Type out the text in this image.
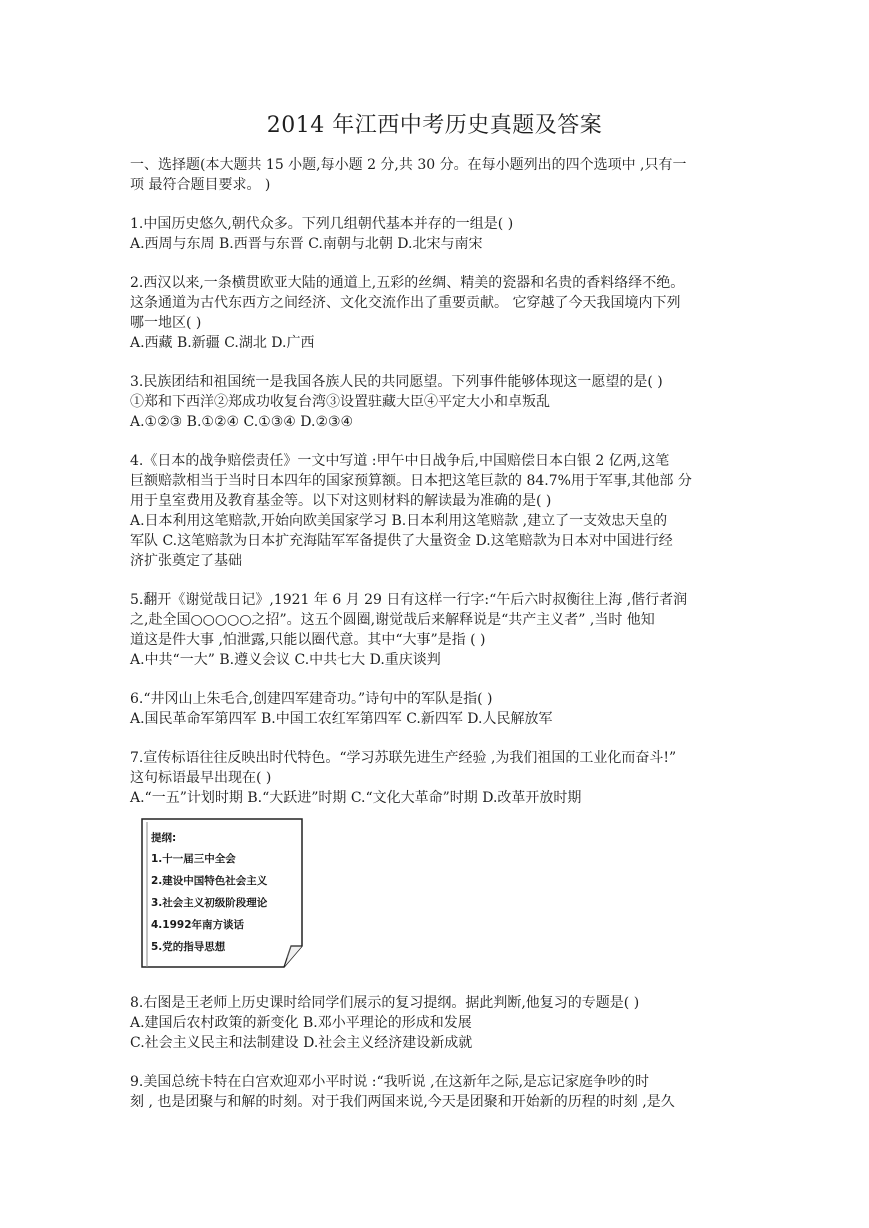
2014 年江西中考历史真题及答案
一、选择题(本大题共 15 小题,每小题 2 分,共 30 分。在每小题列出的四个选项中 ,只有一
项 最符合题目要求。 )
1.中国历史悠久,朝代众多。下列几组朝代基本并存的一组是( )
A.西周与东周 B.西晋与东晋 C.南朝与北朝 D.北宋与南宋
2.西汉以来,一条横贯欧亚大陆的通道上,五彩的丝绸、精美的瓷器和名贵的香料络绎不绝。
这条通道为古代东西方之间经济、文化交流作出了重要贡献。 它穿越了今天我国境内下列
哪一地区( )
A.西藏 B.新疆 C.湖北 D.广西
3.民族团结和祖国统一是我国各族人民的共同愿望。下列事件能够体现这一愿望的是( )
①郑和下西洋②郑成功收复台湾③设置驻藏大臣④平定大小和卓叛乱
A.①②③ B.①②④ C.①③④ D.②③④
4.《日本的战争赔偿责任》一文中写道 :甲午中日战争后,中国赔偿日本白银 2 亿两,这笔
巨额赔款相当于当时日本四年的国家预算额。日本把这笔巨款的 84.7%用于军事,其他部 分
用于皇室费用及教育基金等。以下对这则材料的解读最为准确的是( )
A.日本利用这笔赔款,开始向欧美国家学习 B.日本利用这笔赔款 ,建立了一支效忠天皇的
军队 C.这笔赔款为日本扩充海陆军军备提供了大量资金 D.这笔赔款为日本对中国进行经
济扩张奠定了基础
5.翻开《谢觉哉日记》,1921 年 6 月 29 日有这样一行字:“午后六时叔衡往上海 ,偕行者润
之,赴全国○○○○○之招”。这五个圆圈,谢觉哉后来解释说是“共产主义者” ,当时 他知
道这是件大事 ,怕泄露,只能以圈代意。其中“大事”是指 ( )
A.中共“一大” B.遵义会议 C.中共七大 D.重庆谈判
6.“井冈山上朱毛合,创建四军建奇功。”诗句中的军队是指( )
A.国民革命军第四军 B.中国工农红军第四军 C.新四军 D.人民解放军
7.宣传标语往往反映出时代特色。“学习苏联先进生产经验 ,为我们祖国的工业化而奋斗!”
这句标语最早出现在( )
A.“一五”计划时期 B.“大跃进”时期 C.“文化大革命”时期 D.改革开放时期
提纲:
1.十一届三中全会
2.建设中国特色社会主义
3.社会主义初级阶段理论
4.1992年南方谈话
5.党的指导思想
8.右图是王老师上历史课时给同学们展示的复习提纲。据此判断,他复习的专题是( )
A.建国后农村政策的新变化 B.邓小平理论的形成和发展
C.社会主义民主和法制建设 D.社会主义经济建设新成就
9.美国总统卡特在白宫欢迎邓小平时说 :“我听说 ,在这新年之际,是忘记家庭争吵的时
刻 , 也是团聚与和解的时刻。对于我们两国来说,今天是团聚和开始新的历程的时刻 ,是久
